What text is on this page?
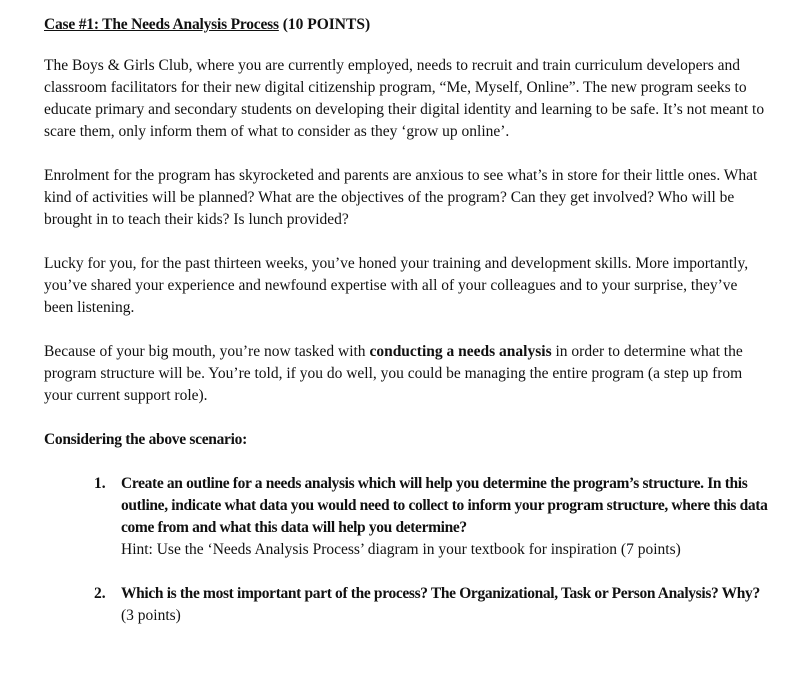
Case #1: The Needs Analysis Process (10 POINTS)

The Boys & Girls Club, where you are currently employed, needs to recruit and train curriculum developers and classroom facilitators for their new digital citizenship program, “Me, Myself, Online”. The new program seeks to educate primary and secondary students on developing their digital identity and learning to be safe. It’s not meant to scare them, only inform them of what to consider as they ‘grow up online’.

Enrolment for the program has skyrocketed and parents are anxious to see what’s in store for their little ones. What kind of activities will be planned? What are the objectives of the program? Can they get involved? Who will be brought in to teach their kids? Is lunch provided?

Lucky for you, for the past thirteen weeks, you’ve honed your training and development skills. More importantly, you’ve shared your experience and newfound expertise with all of your colleagues and to your surprise, they’ve been listening.

Because of your big mouth, you’re now tasked with conducting a needs analysis in order to determine what the program structure will be. You’re told, if you do well, you could be managing the entire program (a step up from your current support role).

Considering the above scenario:
1. Create an outline for a needs analysis which will help you determine the program’s structure. In this outline, indicate what data you would need to collect to inform your program structure, where this data come from and what this data will help you determine?
Hint: Use the ‘Needs Analysis Process’ diagram in your textbook for inspiration (7 points)
2. Which is the most important part of the process? The Organizational, Task or Person Analysis? Why? (3 points)
